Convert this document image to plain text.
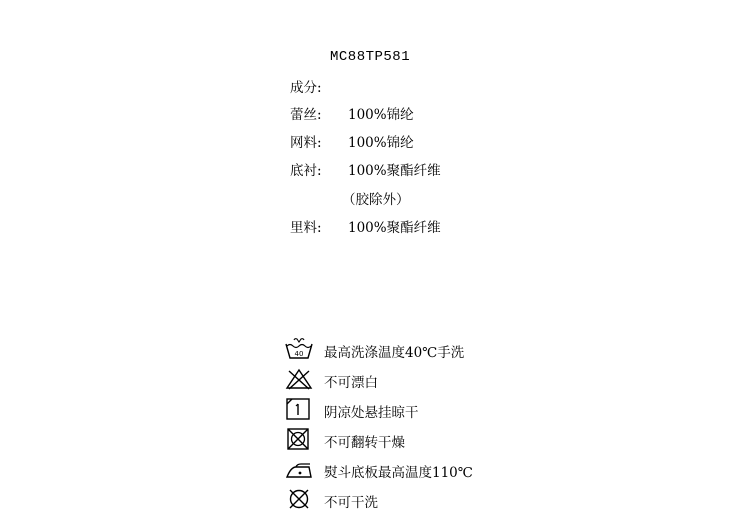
MC88TP581
成分:
蕾丝: 100%锦纶
网料: 100%锦纶
底衬: 100%聚酯纤维
（胶除外）
里料: 100%聚酯纤维
40 最高洗涤温度40℃手洗
不可漂白
阴凉处悬挂晾干
不可翻转干燥
熨斗底板最高温度110℃
不可干洗
